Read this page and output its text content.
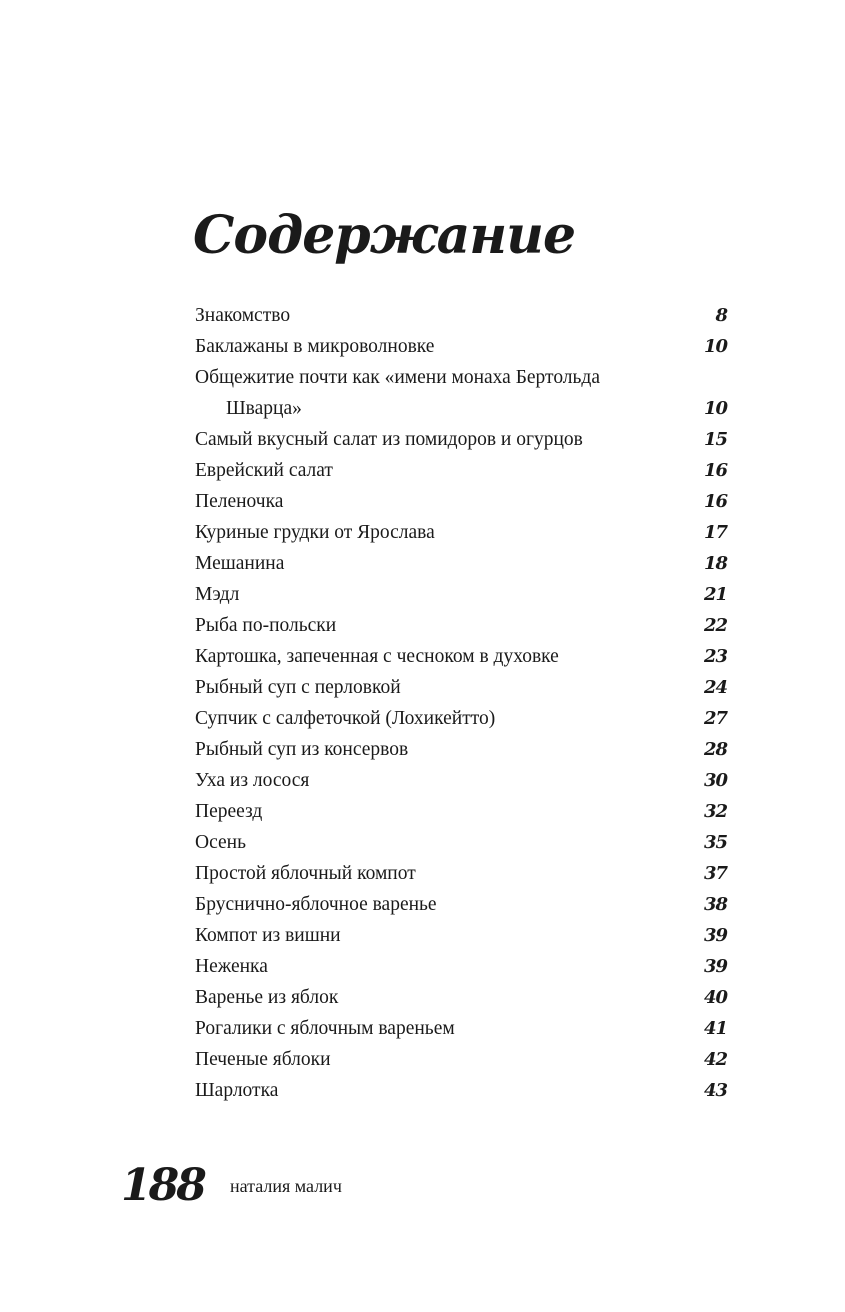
Содержание
Знакомство	8
Баклажаны в микроволновке	10
Общежитие почти как «имени монаха Бертольда
Шварца»	10
Самый вкусный салат из помидоров и огурцов	15
Еврейский салат	16
Пеленочка	16
Куриные грудки от Ярослава	17
Мешанина	18
Мэдл	21
Рыба по-польски	22
Картошка, запеченная с чесноком в духовке	23
Рыбный суп с перловкой	24
Супчик с салфеточкой (Лохикейтто)	27
Рыбный суп из консервов	28
Уха из лосося	30
Переезд	32
Осень	35
Простой яблочный компот	37
Бруснично-яблочное варенье	38
Компот из вишни	39
Неженка	39
Варенье из яблок	40
Рогалики с яблочным вареньем	41
Печеные яблоки	42
Шарлотка	43
188 наталия малич
